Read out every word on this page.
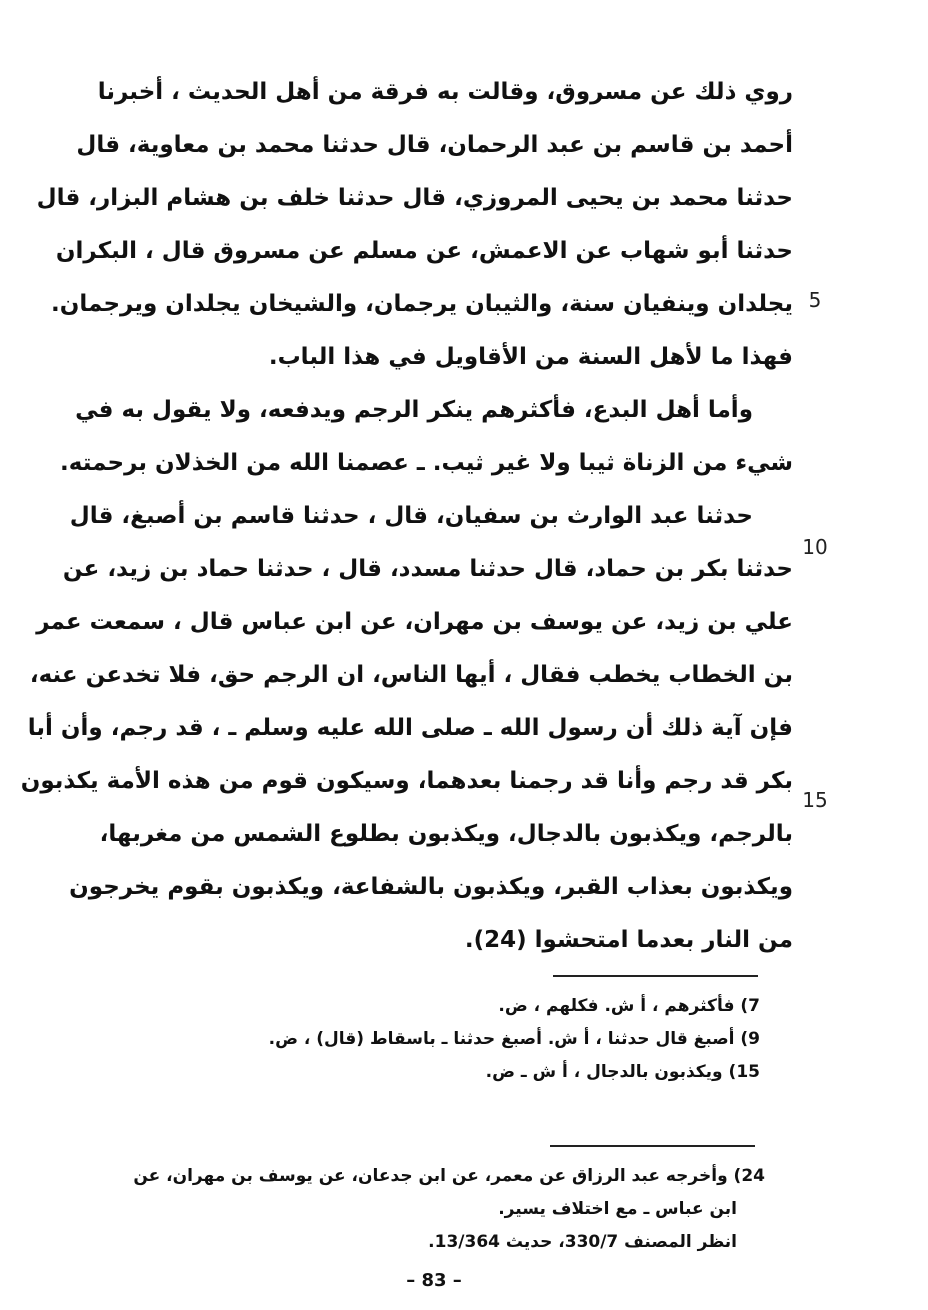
روي ذلك عن مسروق، وقالت به فرقة من أهل الحديث ، أخبرنا
أحمد بن قاسم بن عبد الرحمان، قال حدثنا محمد بن معاوية، قال
حدثنا محمد بن يحيى المروزي، قال حدثنا خلف بن هشام البزار، قال
حدثنا أبو شهاب عن الاعمش، عن مسلم عن مسروق قال ، البكران
يجلدان وينفيان سنة، والثيبان يرجمان، والشيخان يجلدان ويرجمان.
فهذا ما لأهل السنة من الأقاويل في هذا الباب.
وأما أهل البدع، فأكثرهم ينكر الرجم ويدفعه، ولا يقول به في
شيء من الزناة ثيبا ولا غير ثيب. ـ عصمنا الله من الخذلان برحمته.
حدثنا عبد الوارث بن سفيان، قال ، حدثنا قاسم بن أصبغ، قال
حدثنا بكر بن حماد، قال حدثنا مسدد، قال ، حدثنا حماد بن زيد، عن
علي بن زيد، عن يوسف بن مهران، عن ابن عباس قال ، سمعت عمر
بن الخطاب يخطب فقال ، أيها الناس، ان الرجم حق، فلا تخدعن عنه،
فإن آية ذلك أن رسول الله ـ صلى الله عليه وسلم ـ ، قد رجم، وأن أبا
بكر قد رجم وأنا قد رجمنا بعدهما، وسيكون قوم من هذه الأمة يكذبون
بالرجم، ويكذبون بالدجال، ويكذبون بطلوع الشمس من مغربها،
ويكذبون بعذاب القبر، ويكذبون بالشفاعة، ويكذبون بقوم يخرجون
من النار بعدما امتحشوا (24).
5
10
15
7) فأكثرهم ، أ ش. فكلهم ، ض.
9) أصبغ قال حدثنا ، أ ش. أصبغ حدثنا ـ باسقاط (قال) ، ض.
15) ويكذبون بالدجال ، أ ش ـ ض.
24) وأخرجه عبد الرزاق عن معمر، عن ابن جدعان، عن يوسف بن مهران، عن
ابن عباس ـ مع اختلاف يسير.
انظر المصنف 330/7، حديث 13/364.
– 83 –
